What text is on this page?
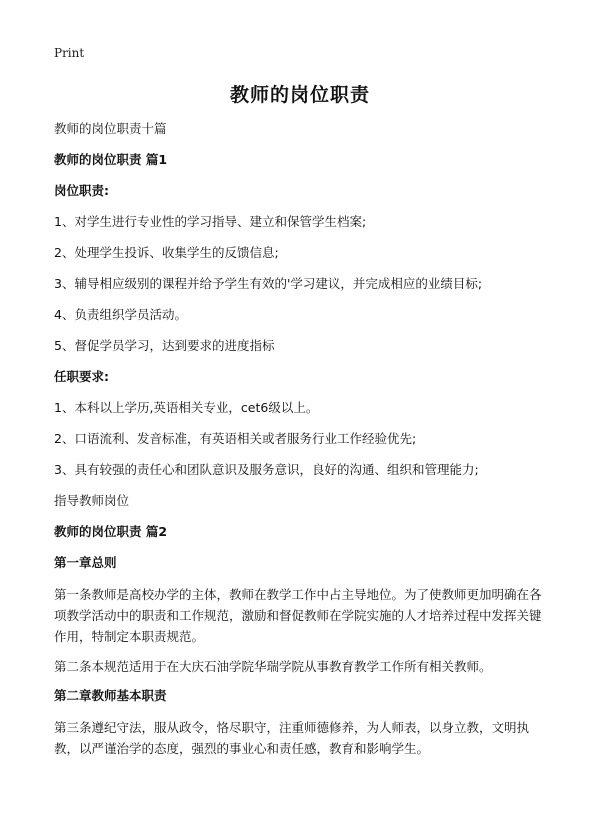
Print
教师的岗位职责

教师的岗位职责十篇

教师的岗位职责 篇1

岗位职责:

1、对学生进行专业性的学习指导、建立和保管学生档案;

2、处理学生投诉、收集学生的反馈信息;

3、辅导相应级别的课程并给予学生有效的'学习建议，并完成相应的业绩目标;

4、负责组织学员活动。

5、督促学员学习，达到要求的进度指标

任职要求:

1、本科以上学历,英语相关专业，cet6级以上。

2、口语流利、发音标准，有英语相关或者服务行业工作经验优先;

3、具有较强的责任心和团队意识及服务意识，良好的沟通、组织和管理能力;

指导教师岗位

教师的岗位职责 篇2

第一章总则

第一条教师是高校办学的主体，教师在教学工作中占主导地位。为了使教师更加明确在各项教学活动中的职责和工作规范，激励和督促教师在学院实施的人才培养过程中发挥关键作用，特制定本职责规范。

第二条本规范适用于在大庆石油学院华瑞学院从事教育教学工作所有相关教师。

第二章教师基本职责

第三条遵纪守法，服从政令，恪尽职守，注重师德修养，为人师表，以身立教，文明执教，以严谨治学的态度，强烈的事业心和责任感，教育和影响学生。
